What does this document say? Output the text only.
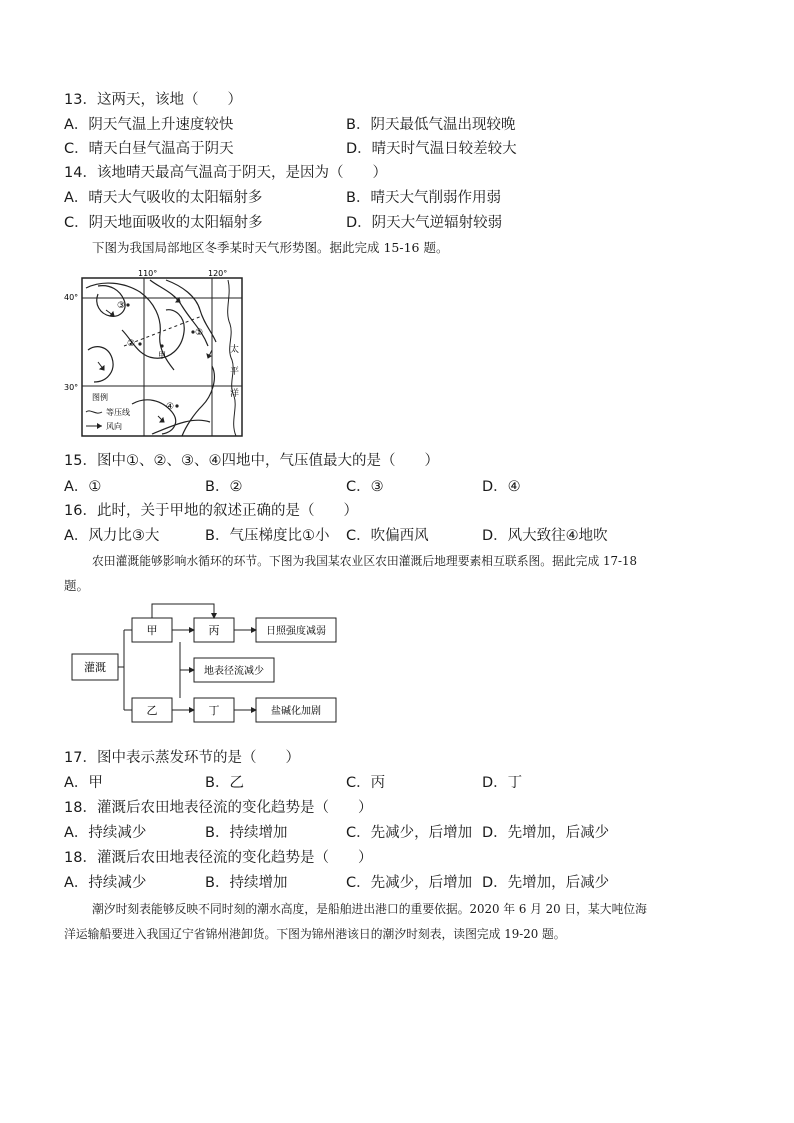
13．这两天，该地（　　）
A．阴天气温上升速度较快	B．阴天最低气温出现较晚
C．晴天白昼气温高于阴天	D．晴天时气温日较差较大
14．该地晴天最高气温高于阴天，是因为（　　）
A．晴天大气吸收的太阳辐射多	B．晴天大气削弱作用弱
C．阴天地面吸收的太阳辐射多	D．阴天大气逆辐射较弱
下图为我国局部地区冬季某时天气形势图。据此完成 15-16 题。
110°	120°
40°
30°
①
②
③
④
甲
太
平
洋
图例
等压线
风向
15．图中①、②、③、④四地中，气压值最大的是（　　）
A．①	B．②	C．③	D．④
16．此时，关于甲地的叙述正确的是（　　）
A．风力比③大	B．气压梯度比①小 C．吹偏西风	D．风大致往④地吹
农田灌溉能够影响水循环的环节。下图为我国某农业区农田灌溉后地理要素相互联系图。据此完成 17-18
题。
灌溉
甲
乙
丙
丁
日照强度减弱
地表径流减少
盐碱化加剧
17．图中表示蒸发环节的是（　　）
A．甲	B．乙	C．丙	D．丁
18．灌溉后农田地表径流的变化趋势是（　　）
A．持续减少	B．持续增加	C．先减少，后增加 D．先增加，后减少
18．灌溉后农田地表径流的变化趋势是（　　）
A．持续减少	B．持续增加	C．先减少，后增加 D．先增加，后减少
潮汐时刻表能够反映不同时刻的潮水高度，是船舶进出港口的重要依据。2020 年 6 月 20 日，某大吨位海
洋运输船要进入我国辽宁省锦州港卸货。下图为锦州港该日的潮汐时刻表，读图完成 19-20 题。
